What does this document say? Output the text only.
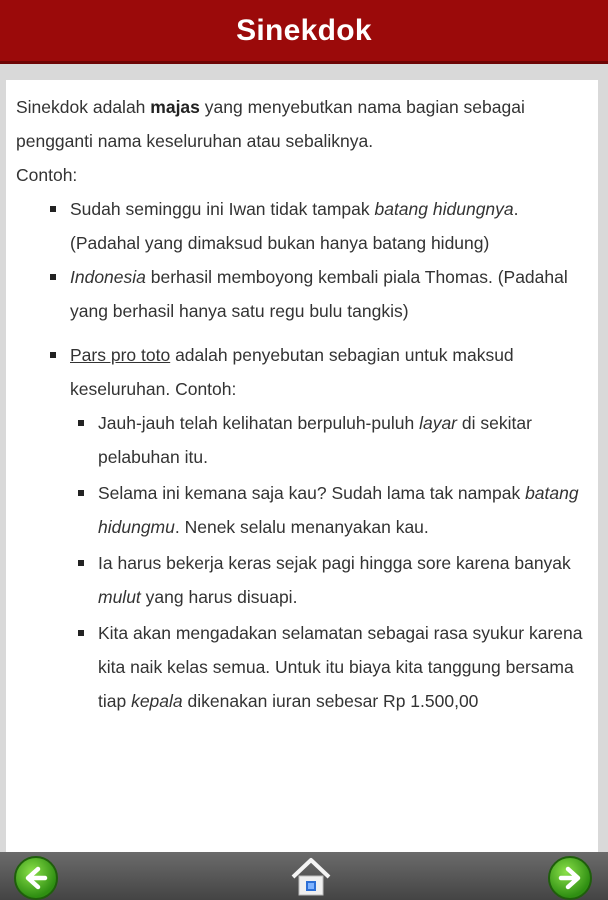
Sinekdok

Sinekdok adalah majas yang menyebutkan nama bagian sebagai pengganti nama keseluruhan atau sebaliknya.

Contoh:

Sudah seminggu ini Iwan tidak tampak batang hidungnya. (Padahal yang dimaksud bukan hanya batang hidung)
Indonesia berhasil memboyong kembali piala Thomas. (Padahal yang berhasil hanya satu regu bulu tangkis)
Pars pro toto adalah penyebutan sebagian untuk maksud keseluruhan. Contoh:
Jauh-jauh telah kelihatan berpuluh-puluh layar di sekitar pelabuhan itu.
Selama ini kemana saja kau? Sudah lama tak nampak batang hidungmu. Nenek selalu menanyakan kau.
Ia harus bekerja keras sejak pagi hingga sore karena banyak mulut yang harus disuapi.
Kita akan mengadakan selamatan sebagai rasa syukur karena kita naik kelas semua. Untuk itu biaya kita tanggung bersama tiap kepala dikenakan iuran sebesar Rp 1.500,00
